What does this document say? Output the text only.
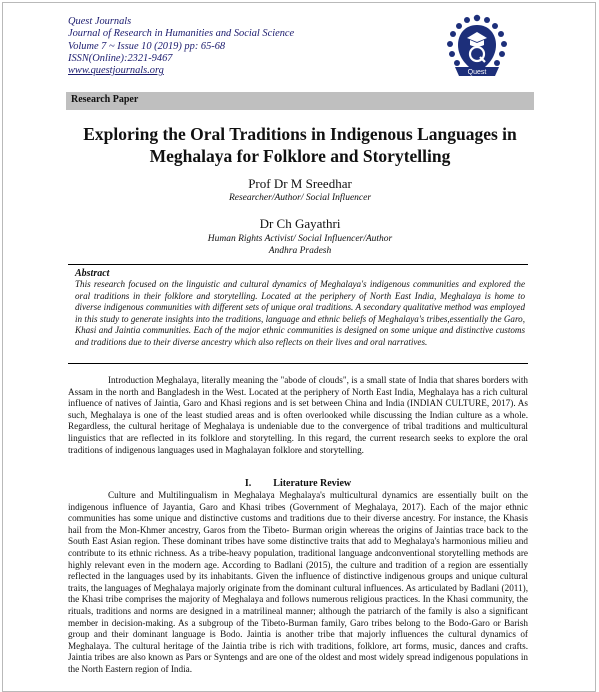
Quest Journals
Journal of Research in Humanities and Social Science
Volume 7 ~ Issue 10 (2019) pp: 65-68
ISSN(Online):2321-9467
www.questjournals.org	Quest
Research Paper
Exploring the Oral Traditions in Indigenous Languages in
Meghalaya for Folklore and Storytelling
Prof Dr M Sreedhar
Researcher/Author/ Social Influencer
Dr Ch Gayathri
Human Rights Activist/ Social Influencer/Author
Andhra Pradesh
Abstract
This research focused on the linguistic and cultural dynamics of Meghalaya's indigenous communities and explored the oral traditions in their folklore and storytelling. Located at the periphery of North East India, Meghalaya is home to diverse indigenous communities with different sets of unique oral traditions. A secondary qualitative method was employed in this study to generate insights into the traditions, language and ethnic beliefs of Meghalaya's tribes,essentially the Garo, Khasi and Jaintia communities. Each of the major ethnic communities is designed on some unique and distinctive customs and traditions due to their diverse ancestry which also reflects on their lives and oral narratives.
Introduction Meghalaya, literally meaning the "abode of clouds", is a small state of India that shares borders with Assam in the north and Bangladesh in the West. Located at the periphery of North East India, Meghalaya has a rich cultural influence of natives of Jaintia, Garo and Khasi regions and is set between China and India (INDIAN CULTURE, 2017). As such, Meghalaya is one of the least studied areas and is often overlooked while discussing the Indian culture as a whole. Regardless, the cultural heritage of Meghalaya is undeniable due to the convergence of tribal traditions and multicultural linguistics that are reflected in its folklore and storytelling. In this regard, the current research seeks to explore the oral traditions of indigenous languages used in Maghalayan folklore and storytelling.
I. Literature Review
Culture and Multilingualism in Meghalaya Meghalaya's multicultural dynamics are essentially built on the indigenous influence of Jayantia, Garo and Khasi tribes (Government of Meghalaya, 2017). Each of the major ethnic communities has some unique and distinctive customs and traditions due to their diverse ancestry. For instance, the Khasis hail from the Mon-Khmer ancestry, Garos from the Tibeto- Burman origin whereas the origins of Jaintias trace back to the South East Asian region. These dominant tribes have some distinctive traits that add to Meghalaya's harmonious milieu and contribute to its ethnic richness. As a tribe-heavy population, traditional language andconventional storytelling methods are highly relevant even in the modern age. According to Badlani (2015), the culture and tradition of a region are essentially reflected in the languages used by its inhabitants. Given the influence of distinctive indigenous groups and unique cultural traits, the languages of Meghalaya majorly originate from the dominant cultural influences. As articulated by Badlani (2011), the Khasi tribe comprises the majority of Meghalaya and follows numerous religious practices. In the Khasi community, the rituals, traditions and norms are designed in a matrilineal manner; although the patriarch of the family is also a significant member in decision-making. As a subgroup of the Tibeto-Burman family, Garo tribes belong to the Bodo-Garo or Barish group and their dominant language is Bodo. Jaintia is another tribe that majorly influences the cultural dynamics of Meghalaya. The cultural heritage of the Jaintia tribe is rich with traditions, folklore, art forms, music, dances and crafts. Jaintia tribes are also known as Pars or Syntengs and are one of the oldest and most widely spread indigenous populations in the North Eastern region of India.
